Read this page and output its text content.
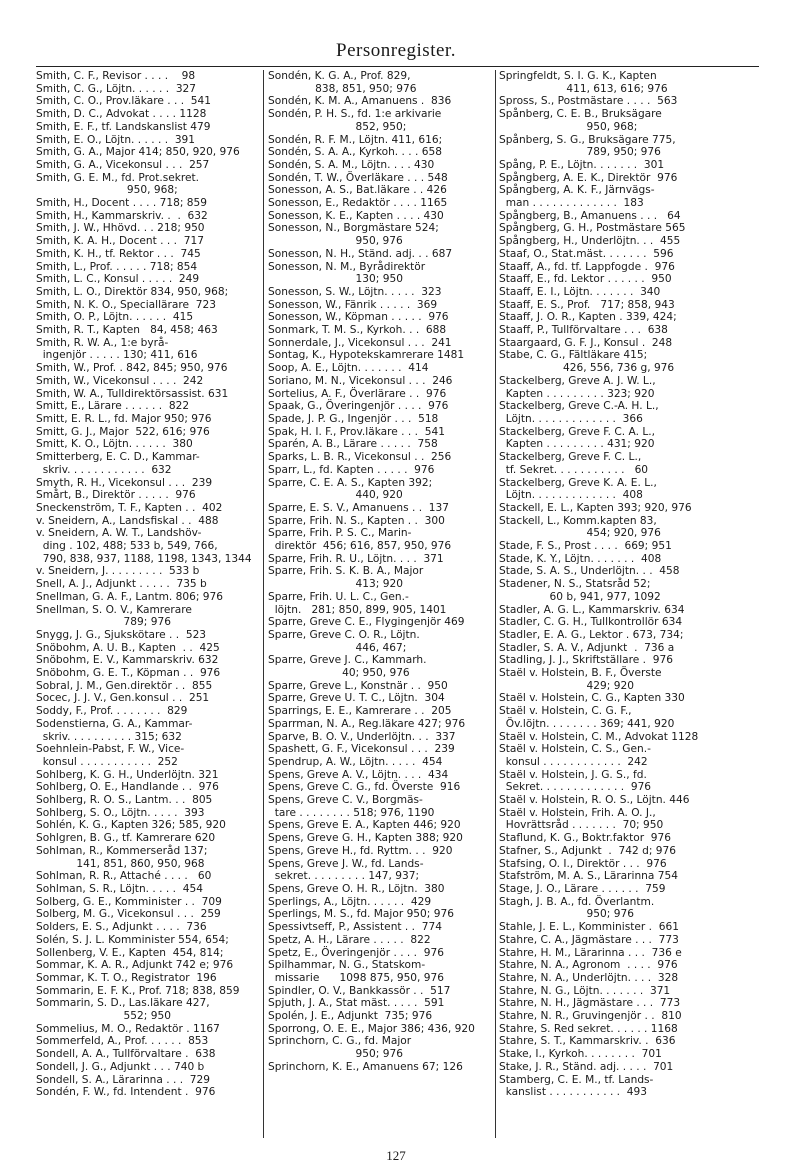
Personregister.
Smith, C. F., Revisor . . . .    98
Smith, C. G., Löjtn. . . . . .  327
Smith, C. O., Prov.läkare . . .  541
Smith, D. C., Advokat . . . . 1128
Smith, E. F., tf. Landskanslist 479
Smith, E. O., Löjtn. . . . . .  391
Smith, G. A., Major 414; 850, 920, 976
Smith, G. A., Vicekonsul . . .  257
Smith, G. E. M., fd. Prot.sekret.
950, 968;
Smith, H., Docent . . . . 718; 859
Smith, H., Kammarskriv. .  .  632
Smith, J. W., Hhövd. . . 218; 950
Smith, K. A. H., Docent . . .  717
Smith, K. H., tf. Rektor . . .  745
Smith, L., Prof. . . . . . 718; 854
Smith, L. C., Konsul . . . . .  249
Smith, L. O., Direktör 834, 950, 968;
Smith, N. K. O., Speciallärare  723
Smith, O. P., Löjtn. . . . . .  415
Smith, R. T., Kapten   84, 458; 463
Smith, R. W. A., 1:e byrå-
ingenjör . . . . . 130; 411, 616
Smith, W., Prof. . 842, 845; 950, 976
Smith, W., Vicekonsul . . . .  242
Smith, W. A., Tulldirektörsassist. 631
Smitt, E., Lärare . . . . . .  822
Smitt, E. R. L., fd. Major 950; 976
Smitt, G. J., Major  522, 616; 976
Smitt, K. O., Löjtn. . . . . .  380
Smitterberg, E. C. D., Kammar-
skriv. . . . . . . . . . . .  632
Smyth, R. H., Vicekonsul . . .  239
Smårt, B., Direktör . . . . .  976
Sneckenström, T. F., Kapten . .  402
v. Sneidern, A., Landsfiskal . .  488
v. Sneidern, A. W. T., Landshöv-
ding . 102, 488; 533 b, 549, 766,
790, 838, 937, 1188, 1198, 1343, 1344
v. Sneidern, J. . . . . . . . .  533 b
Snell, A. J., Adjunkt . . . . .  735 b
Snellman, G. A. F., Lantm. 806; 976
Snellman, S. O. V., Kamrerare
789; 976
Snygg, J. G., Sjukskötare . .  523
Snöbohm, A. U. B., Kapten  . .  425
Snöbohm, E. V., Kammarskriv. 632
Snöbohm, G. E. T., Köpman . .  976
Sobral, J. M., Gen.direktör . .  855
Socec, J. J. V., Gen.konsul . .  251
Soddy, F., Prof. . . . . . . .  829
Sodenstierna, G. A., Kammar-
skriv. . . . . . . . . . 315; 632
Soehnlein-Pabst, F. W., Vice-
konsul . . . . . . . . . . .  252
Sohlberg, K. G. H., Underlöjtn. 321
Sohlberg, O. E., Handlande . .  976
Sohlberg, R. O. S., Lantm. . .  805
Sohlberg, S. O., Löjtn. . . . .  393
Sohlén, K. G., Kapten 326; 585, 920
Sohlgren, B. G., tf. Kamrerare 620
Sohlman, R., Kommerseråd 137;
141, 851, 860, 950, 968
Sohlman, R. R., Attaché . . . .   60
Sohlman, S. R., Löjtn. . . . .  454
Solberg, G. E., Komminister . .  709
Solberg, M. G., Vicekonsul . . .  259
Solders, E. S., Adjunkt . . . .  736
Solén, S. J. L. Komminister 554, 654;
Sollenberg, V. E., Kapten  454, 814;
Sommar, K. A. R., Adjunkt 742 e; 976
Sommar, K. T. O., Registrator  196
Sommarin, E. F. K., Prof. 718; 838, 859
Sommarin, S. D., Las.läkare 427,
552; 950
Sommelius, M. O., Redaktör . 1167
Sommerfeld, A., Prof. . . . . .  853
Sondell, A. A., Tullförvaltare .  638
Sondell, J. G., Adjunkt . . . 740 b
Sondell, S. A., Lärarinna . . .  729
Sondén, F. W., fd. Intendent .  976
Sondén, K. G. A., Prof. 829,
838, 851, 950; 976
Sondén, K. M. A., Amanuens .  836
Sondén, P. H. S., fd. 1:e arkivarie
852, 950;
Sondén, R. F. M., Löjtn. 411, 616;
Sondén, S. A. A., Kyrkoh. . . . 658
Sondén, S. A. M., Löjtn. . . . 430
Sondén, T. W., Överläkare . . . 548
Sonesson, A. S., Bat.läkare . . 426
Sonesson, E., Redaktör . . . . 1165
Sonesson, K. E., Kapten . . . . 430
Sonesson, N., Borgmästare 524;
950, 976
Sonesson, N. H., Ständ. adj. . . 687
Sonesson, N. M., Byrådirektör
130; 950
Sonesson, S. W., Löjtn. . . . .  323
Sonesson, W., Fänrik . . . . .  369
Sonesson, W., Köpman . . . . .  976
Sonmark, T. M. S., Kyrkoh. . .  688
Sonnerdale, J., Vicekonsul . . .  241
Sontag, K., Hypotekskamrerare 1481
Soop, A. E., Löjtn. . . . . . .  414
Soriano, M. N., Vicekonsul . . .  246
Sortelius, A. F., Överlärare . .  976
Spaak, G., Överingenjör . . . .  976
Spade, J. P. G., Ingenjör . . .  518
Spak, H. I. F., Prov.läkare . . .  541
Sparén, A. B., Lärare . . . . .  758
Sparks, L. B. R., Vicekonsul . .  256
Sparr, L., fd. Kapten . . . . .  976
Sparre, C. E. A. S., Kapten 392;
440, 920
Sparre, E. S. V., Amanuens . .  137
Sparre, Frih. N. S., Kapten . .  300
Sparre, Frih. P. S. C., Marin-
direktör  456; 616, 857, 950, 976
Sparre, Frih. R. U., Löjtn. . . .  371
Sparre, Frih. S. K. B. A., Major
413; 920
Sparre, Frih. U. L. C., Gen.-
löjtn.   281; 850, 899, 905, 1401
Sparre, Greve C. E., Flygingenjör 469
Sparre, Greve C. O. R., Löjtn.
446, 467;
Sparre, Greve J. C., Kammarh.
40; 950, 976
Sparre, Greve L., Konstnär . .  950
Sparre, Greve U. T. C., Löjtn.  304
Sparrings, E. E., Kamrerare . .  205
Sparrman, N. A., Reg.läkare 427; 976
Sparve, B. O. V., Underlöjtn. . .  337
Spashett, G. F., Vicekonsul . . .  239
Spendrup, A. W., Löjtn. . . . .  454
Spens, Greve A. V., Löjtn. . . .  434
Spens, Greve C. G., fd. Överste  916
Spens, Greve C. V., Borgmäs-
tare . . . . . . . . 518; 976, 1190
Spens, Greve E. A., Kapten 446; 920
Spens, Greve G. H., Kapten 388; 920
Spens, Greve H., fd. Ryttm. . .  920
Spens, Greve J. W., fd. Lands-
sekret. . . . . . . . . 147, 937;
Spens, Greve O. H. R., Löjtn.  380
Sperlings, A., Löjtn. . . . . .  429
Sperlings, M. S., fd. Major 950; 976
Spessivtseff, P., Assistent . .  774
Spetz, A. H., Lärare . . . . .  822
Spetz, E., Överingenjör . . . .  976
Spilhammar, N. G., Statskom-
missarie      1098 875, 950, 976
Spindler, O. V., Bankkassör . .  517
Spjuth, J. A., Stat mäst. . . . .  591
Spolén, J. E., Adjunkt  735; 976
Sporrong, O. E. E., Major 386; 436, 920
Sprinchorn, C. G., fd. Major
950; 976
Sprinchorn, K. E., Amanuens 67; 126
Springfeldt, S. I. G. K., Kapten
411, 613, 616; 976
Spross, S., Postmästare . . . .  563
Spånberg, C. E. B., Bruksägare
950, 968;
Spånberg, S. G., Bruksägare 775,
789, 950; 976
Spång, P. E., Löjtn. . . . . . .  301
Spångberg, A. E. K., Direktör  976
Spångberg, A. K. F., Järnvägs-
man . . . . . . . . . . . . .  183
Spångberg, B., Amanuens . . .   64
Spångberg, G. H., Postmästare 565
Spångberg, H., Underlöjtn. . .  455
Staaf, O., Stat.mäst. . . . . . .  596
Staaff, A., fd. tf. Lappfogde .  976
Staaff, E., fd. Lektor . . . . . .  950
Staaff, E. I., Löjtn. . . . . . .  340
Staaff, E. S., Prof.   717; 858, 943
Staaff, J. O. R., Kapten . 339, 424;
Staaff, P., Tullförvaltare . . .  638
Staargaard, G. F. J., Konsul .  248
Stabe, C. G., Fältläkare 415;
426, 556, 736 g, 976
Stackelberg, Greve A. J. W. L.,
Kapten . . . . . . . . . 323; 920
Stackelberg, Greve C.-A. H. L.,
Löjtn. . . . . . . . . . . . .  366
Stackelberg, Greve F. C. A. L.,
Kapten . . . . . . . . . 431; 920
Stackelberg, Greve F. C. L.,
tf. Sekret. . . . . . . . . . .   60
Stackelberg, Greve K. A. E. L.,
Löjtn. . . . . . . . . . . . .  408
Stackell, E. L., Kapten 393; 920, 976
Stackell, L., Komm.kapten 83,
454; 920, 976
Stade, F. S., Prost . . . .  669; 951
Stade, K. Y., Löjtn. . . . . . .  408
Stade, S. A. S., Underlöjtn. . .  458
Stadener, N. S., Statsråd 52;
60 b, 941, 977, 1092
Stadler, A. G. L., Kammarskriv. 634
Stadler, C. G. H., Tullkontrollör 634
Stadler, E. A. G., Lektor . 673, 734;
Stadler, S. A. V., Adjunkt  .  736 a
Stadling, J. J., Skriftställare .  976
Staël v. Holstein, B. F., Överste
429; 920
Staël v. Holstein, C. G., Kapten 330
Staël v. Holstein, C. G. F.,
Öv.löjtn. . . . . . . . 369; 441, 920
Staël v. Holstein, C. M., Advokat 1128
Staël v. Holstein, C. S., Gen.-
konsul . . . . . . . . . . . .  242
Staël v. Holstein, J. G. S., fd.
Sekret. . . . . . . . . . . . .  976
Staël v. Holstein, R. O. S., Löjtn. 446
Staël v. Holstein, Frih. A. O. J.,
Hovrättsråd . . . . . . .  70; 950
Staflund, K. G., Boktr.faktor  976
Stafner, S., Adjunkt  .  742 d; 976
Stafsing, O. I., Direktör . . .  976
Stafström, M. A. S., Lärarinna 754
Stage, J. O., Lärare . . . . . .  759
Stagh, J. B. A., fd. Överlantm.
950; 976
Stahle, J. E. L., Komminister .  661
Stahre, C. A., Jägmästare . . .  773
Stahre, H. M., Lärarinna . . .  736 e
Stahre, N. A., Agronom  . . . .  976
Stahre, N. A., Underlöjtn. . . .  328
Stahre, N. G., Löjtn. . . . . . .  371
Stahre, N. H., Jägmästare . . .  773
Stahre, N. R., Gruvingenjör . .  810
Stahre, S. Red sekret. . . . . . 1168
Stahre, S. T., Kammarskriv. .  636
Stake, I., Kyrkoh. . . . . . . .  701
Stake, J. R., Ständ. adj. . . . .  701
Stamberg, C. E. M., tf. Lands-
kanslist . . . . . . . . . . .  493
127
